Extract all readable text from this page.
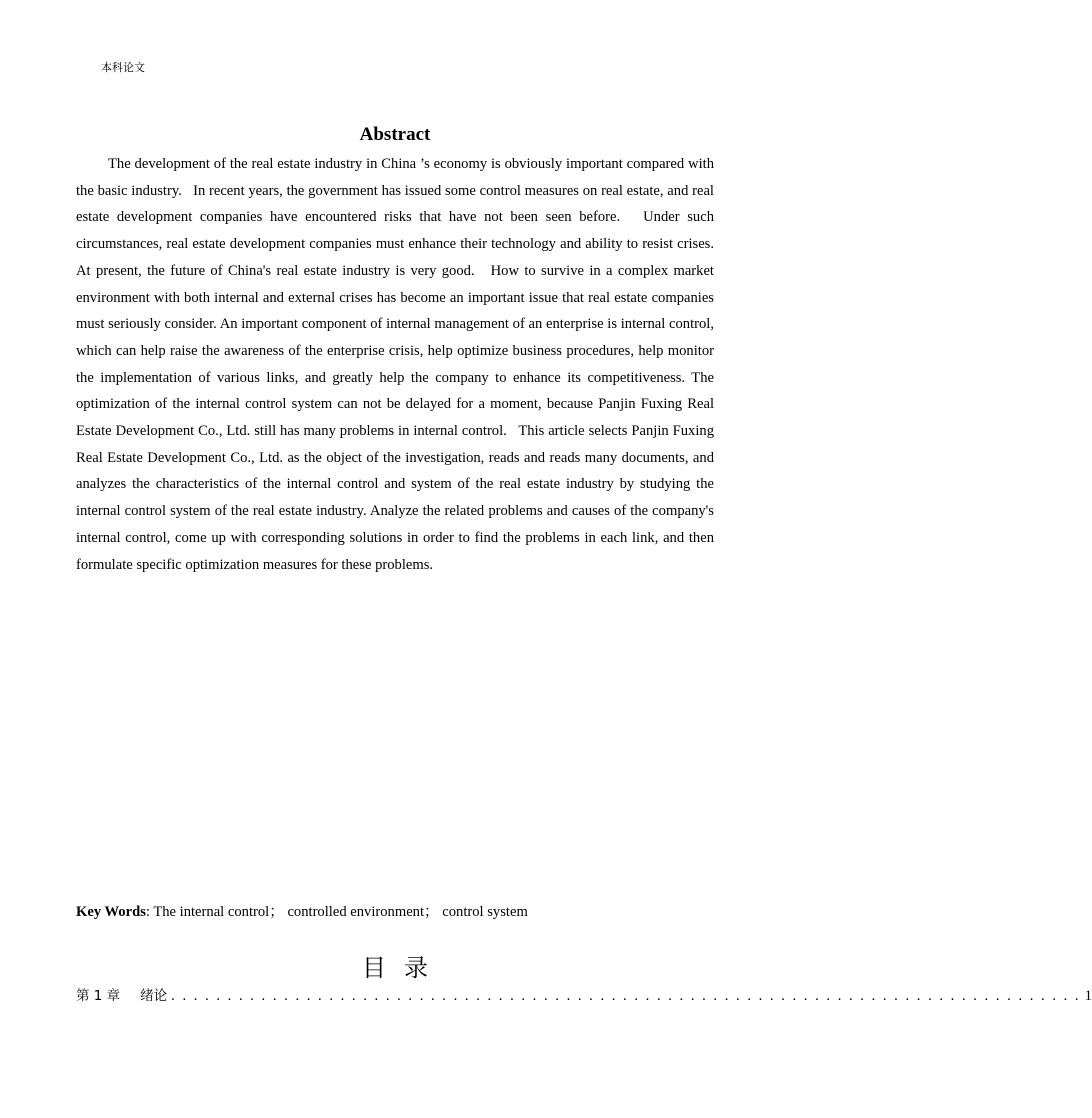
本科论文
Abstract

The development of the real estate industry in China ’s economy is obviously important compared with the basic industry.   In recent years, the government has issued some control measures on real estate, and real estate development companies have encountered risks that have not been seen before.   Under such circumstances, real estate development companies must enhance their technology and ability to resist crises.   At present, the future of China's real estate industry is very good.   How to survive in a complex market environment with both internal and external crises has become an important issue that real estate companies must seriously consider. An important component of internal management of an enterprise is internal control, which can help raise the awareness of the enterprise crisis, help optimize business procedures, help monitor the implementation of various links, and greatly help the company to enhance its competitiveness. The optimization of the internal control system can not be delayed for a moment, because Panjin Fuxing Real Estate Development Co., Ltd. still has many problems in internal control.   This article selects Panjin Fuxing Real Estate Development Co., Ltd. as the object of the investigation, reads and reads many documents, and analyzes the characteristics of the internal control and system of the real estate industry by studying the internal control system of the real estate industry. Analyze the related problems and causes of the company's internal control, come up with corresponding solutions in order to find the problems in each link, and then formulate specific optimization measures for these problems.

Key Words: The internal control； controlled environment； control system
目录
第 1 章 绪论 . . . . . . . . . . . . . . . . . . . . . . . . . . . . . . . . . . . . . . . . . . . . . . . . . . . . . . . . . . . . . . . . . . . . . . . . . . . . . . . . . 1
